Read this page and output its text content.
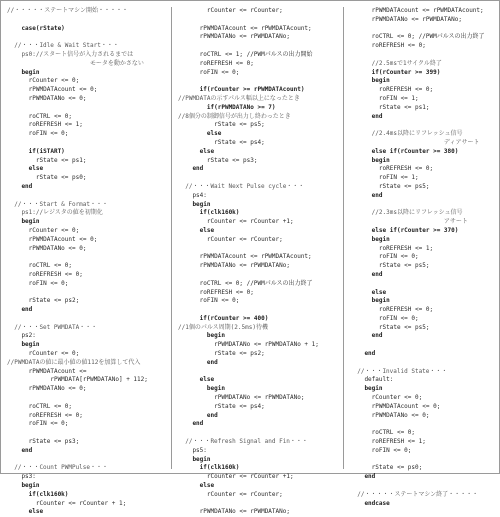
//・・・・・ステートマシン開始・・・・・
case(rState)
//・・・Idle & Wait Start・・・
ps0://スタート信号が入力されるまでは
モータを動かさない
begin
rCounter <= 0;
rPWMDATAcount <= 0;
rPWMDATANo <= 0;
roCTRL <= 0;
roREFRESH <= 1;
roFIN <= 0;
if(iSTART)
rState <= ps1;
else
rState <= ps0;
end
//・・・Start & Format・・・
ps1://レジスタの値を初期化
begin
rCounter <= 0;
rPWMDATAcount <= 0;
rPWMDATANo <= 0;
roCTRL <= 0;
roREFRESH <= 0;
roFIN <= 0;
rState <= ps2;
end
//・・・Set PWMDATA・・・
ps2:
begin
rCounter <= 0;
//PWMDATAの値に最小値の値112を加算して代入
rPWMDATAcount <=
rPWMDATA[rPWMDATANo] + 112;
rPWMDATANo <= 0;
roCTRL <= 0;
roREFRESH <= 0;
roFIN <= 0;
rState <= ps3;
end
//・・・Count PWMPulse・・・
ps3:
begin
if(clk160k)
rCounter <= rCounter + 1;
else
rCounter <= rCounter;
rPWMDATAcount <= rPWMDATAcount;
rPWMDATANo <= rPWMDATANo;
roCTRL <= 1; //PWMパルスの出力開始
roREFRESH <= 0;
roFIN <= 0;
if(rCounter >= rPWMDATAcount)
//PWMDATAの示すパルス幅以上になったとき
if(rPWMDATANo >= 7)
//8個分の制御信号が出力し終わったとき
rState <= ps5;
else
rState <= ps4;
else
rState <= ps3;
end
//・・・Wait Next Pulse cycle・・・
ps4:
begin
if(clk160k)
rCounter <= rCounter +1;
else
rCounter <= rCounter;
rPWMDATAcount <= rPWMDATAcount;
rPWMDATANo <= rPWMDATANo;
roCTRL <= 0; //PWMパルスの出力終了
roREFRESH <= 0;
roFIN <= 0;
if(rCounter >= 400)
//1個のパルス周期(2.5ms)待機
begin
rPWMDATANo <= rPWMDATANo + 1;
rState <= ps2;
end
else
begin
rPWMDATANo <= rPWMDATANo;
rState <= ps4;
end
end
//・・・Refresh Signal and Fin・・・
ps5:
begin
if(clk160k)
rCounter <= rCounter +1;
else
rCounter <= rCounter;
rPWMDATANo <= rPWMDATANo;
rPWMDATAcount <= rPWMDATAcount;
rPWMDATANo <= rPWMDATANo;
roCTRL <= 0; //PWMパルスの出力終了
roREFRESH <= 0;
//2.5msで1サイクル終了
if(rCounter >= 399)
begin
roREFRESH <= 0;
roFIN <= 1;
rState <= ps1;
end
//2.4ms以降にリフレッシュ信号
ディアサート
else if(rCounter >= 380)
begin
roREFRESH <= 0;
roFIN <= 1;
rState <= ps5;
end
//2.3ms以降にリフレッシュ信号
アサート
else if(rCounter >= 370)
begin
roREFRESH <= 1;
roFIN <= 0;
rState <= ps5;
end
else
begin
roREFRESH <= 0;
roFIN <= 0;
rState <= ps5;
end
end
//・・・Invalid State・・・
default:
begin
rCounter <= 0;
rPWMDATAcount <= 0;
rPWMDATANo <= 0;
roCTRL <= 0;
roREFRESH <= 1;
roFIN <= 0;
rState <= ps0;
end
//・・・・・ステートマシン終了・・・・・
endcase
